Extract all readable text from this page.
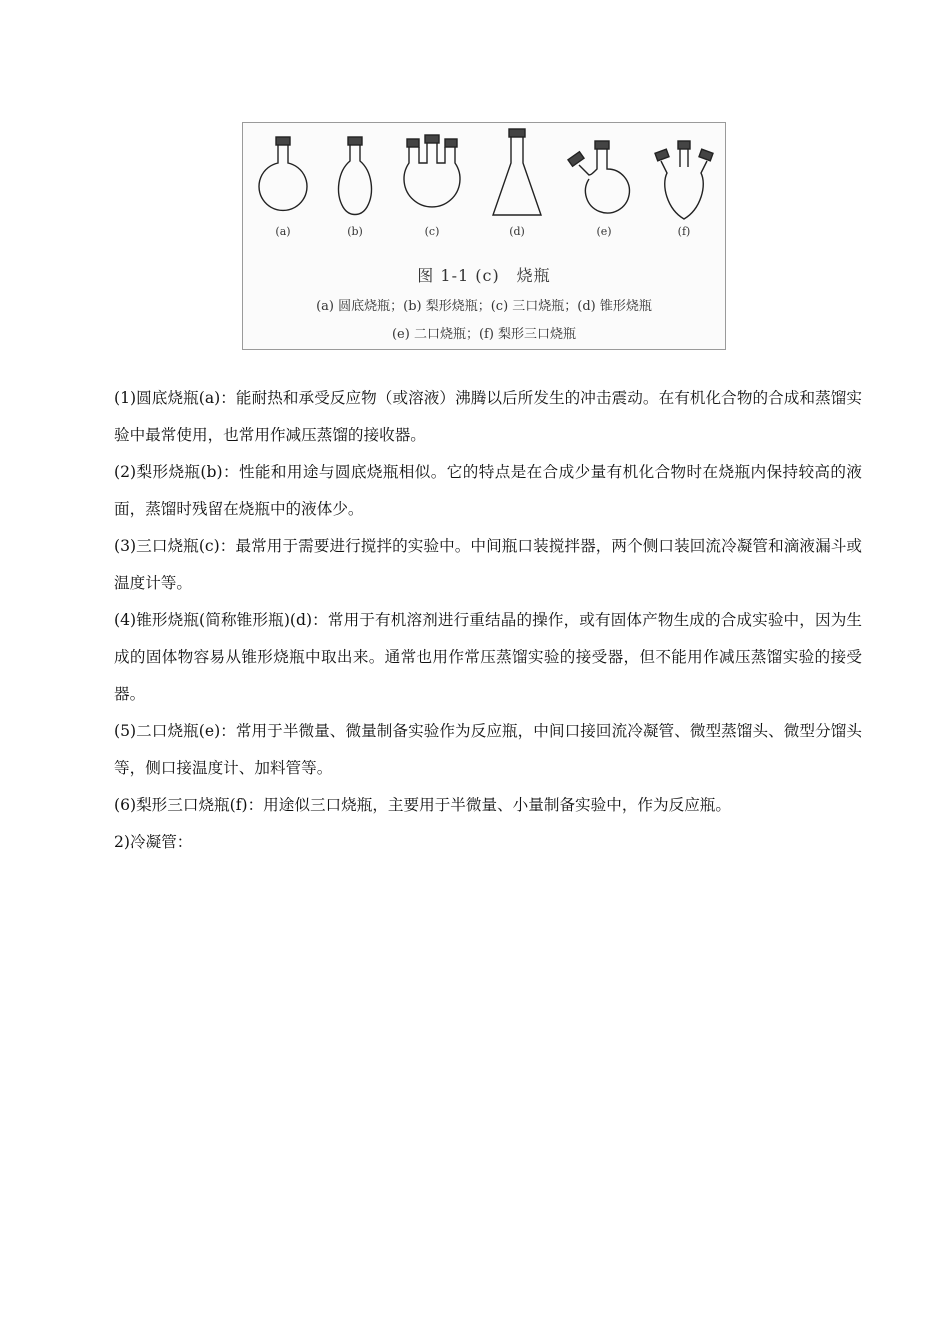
(a)	(b)	(c)	(d)	(e)	(f)
图 1-1 (c)　烧瓶
(a) 圆底烧瓶；(b) 梨形烧瓶；(c) 三口烧瓶；(d) 锥形烧瓶
(e) 二口烧瓶；(f) 梨形三口烧瓶

(1)圆底烧瓶(a)：能耐热和承受反应物（或溶液）沸腾以后所发生的冲击震动。在有机化合物的合成和蒸馏实验中最常使用，也常用作减压蒸馏的接收器。

(2)梨形烧瓶(b)：性能和用途与圆底烧瓶相似。它的特点是在合成少量有机化合物时在烧瓶内保持较高的液面，蒸馏时残留在烧瓶中的液体少。

(3)三口烧瓶(c)：最常用于需要进行搅拌的实验中。中间瓶口装搅拌器，两个侧口装回流冷凝管和滴液漏斗或温度计等。

(4)锥形烧瓶(简称锥形瓶)(d)：常用于有机溶剂进行重结晶的操作，或有固体产物生成的合成实验中，因为生成的固体物容易从锥形烧瓶中取出来。通常也用作常压蒸馏实验的接受器，但不能用作减压蒸馏实验的接受器。

(5)二口烧瓶(e)：常用于半微量、微量制备实验作为反应瓶，中间口接回流冷凝管、微型蒸馏头、微型分馏头等，侧口接温度计、加料管等。

(6)梨形三口烧瓶(f)：用途似三口烧瓶，主要用于半微量、小量制备实验中，作为反应瓶。

2)冷凝管：
